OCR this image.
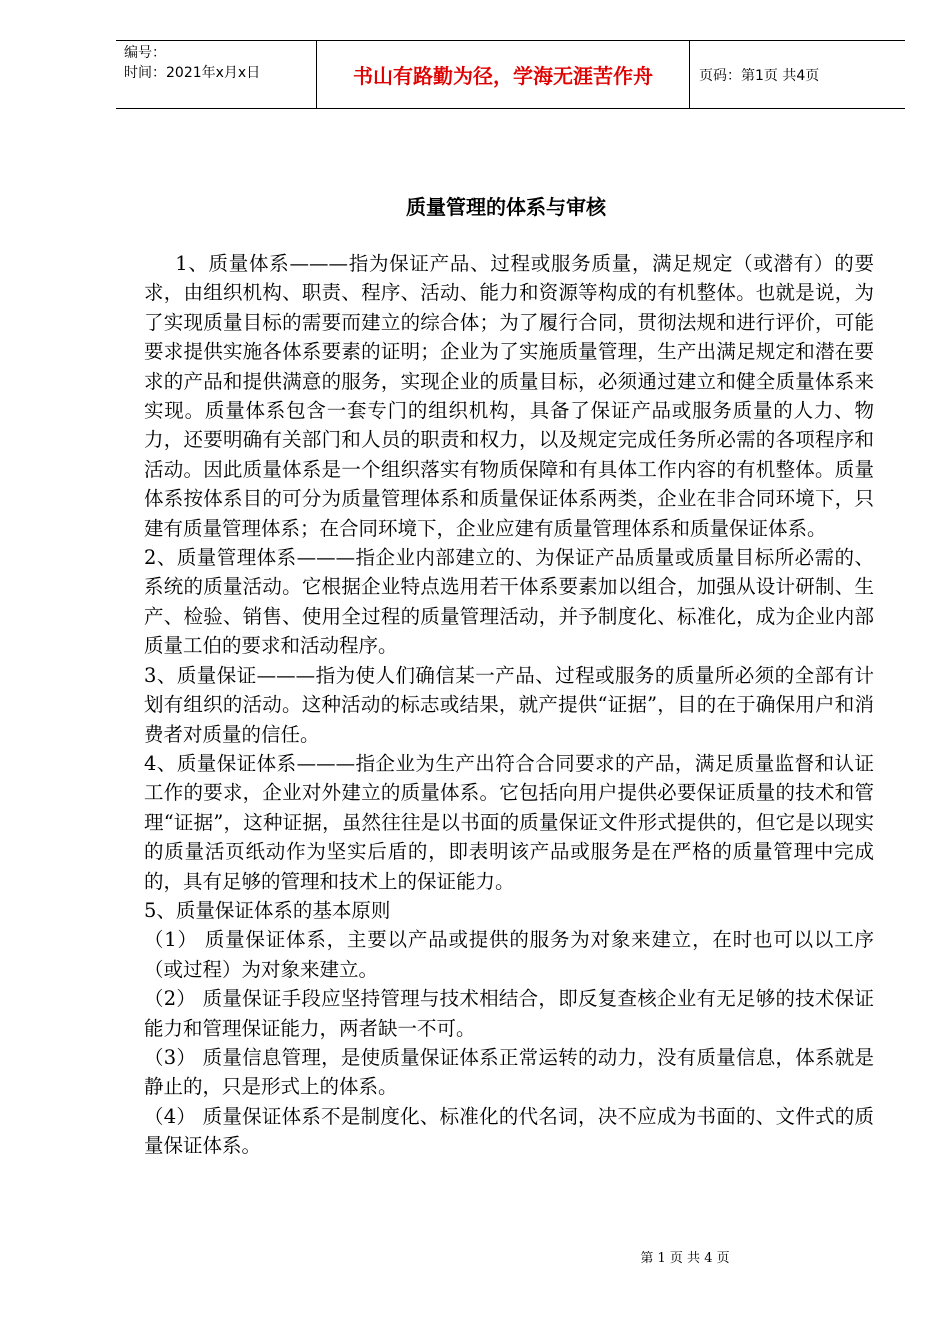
编号：
时间：2021年x月x日	书山有路勤为径，学海无涯苦作舟	页码：第1页 共4页
质量管理的体系与审核

1、质量体系———指为保证产品、过程或服务质量，满足规定（或潜有）的要求，由组织机构、职责、程序、活动、能力和资源等构成的有机整体。也就是说，为了实现质量目标的需要而建立的综合体；为了履行合同，贯彻法规和进行评价，可能要求提供实施各体系要素的证明；企业为了实施质量管理，生产出满足规定和潜在要求的产品和提供满意的服务，实现企业的质量目标，必须通过建立和健全质量体系来实现。质量体系包含一套专门的组织机构，具备了保证产品或服务质量的人力、物力，还要明确有关部门和人员的职责和权力，以及规定完成任务所必需的各项程序和活动。因此质量体系是一个组织落实有物质保障和有具体工作内容的有机整体。质量体系按体系目的可分为质量管理体系和质量保证体系两类，企业在非合同环境下，只建有质量管理体系；在合同环境下，企业应建有质量管理体系和质量保证体系。

2、质量管理体系———指企业内部建立的、为保证产品质量或质量目标所必需的、系统的质量活动。它根据企业特点选用若干体系要素加以组合，加强从设计研制、生产、检验、销售、使用全过程的质量管理活动，并予制度化、标准化，成为企业内部质量工伯的要求和活动程序。

3、质量保证———指为使人们确信某一产品、过程或服务的质量所必须的全部有计划有组织的活动。这种活动的标志或结果，就产提供“证据”，目的在于确保用户和消费者对质量的信任。

4、质量保证体系———指企业为生产出符合合同要求的产品，满足质量监督和认证工作的要求，企业对外建立的质量体系。它包括向用户提供必要保证质量的技术和管理“证据”，这种证据，虽然往往是以书面的质量保证文件形式提供的，但它是以现实的质量活页纸动作为坚实后盾的，即表明该产品或服务是在严格的质量管理中完成的，具有足够的管理和技术上的保证能力。

5、质量保证体系的基本原则

（1） 质量保证体系，主要以产品或提供的服务为对象来建立，在时也可以以工序（或过程）为对象来建立。

（2） 质量保证手段应坚持管理与技术相结合，即反复查核企业有无足够的技术保证能力和管理保证能力，两者缺一不可。

（3） 质量信息管理，是使质量保证体系正常运转的动力，没有质量信息，体系就是静止的，只是形式上的体系。

（4） 质量保证体系不是制度化、标准化的代名词，决不应成为书面的、文件式的质量保证体系。

第 1 页 共 4 页
